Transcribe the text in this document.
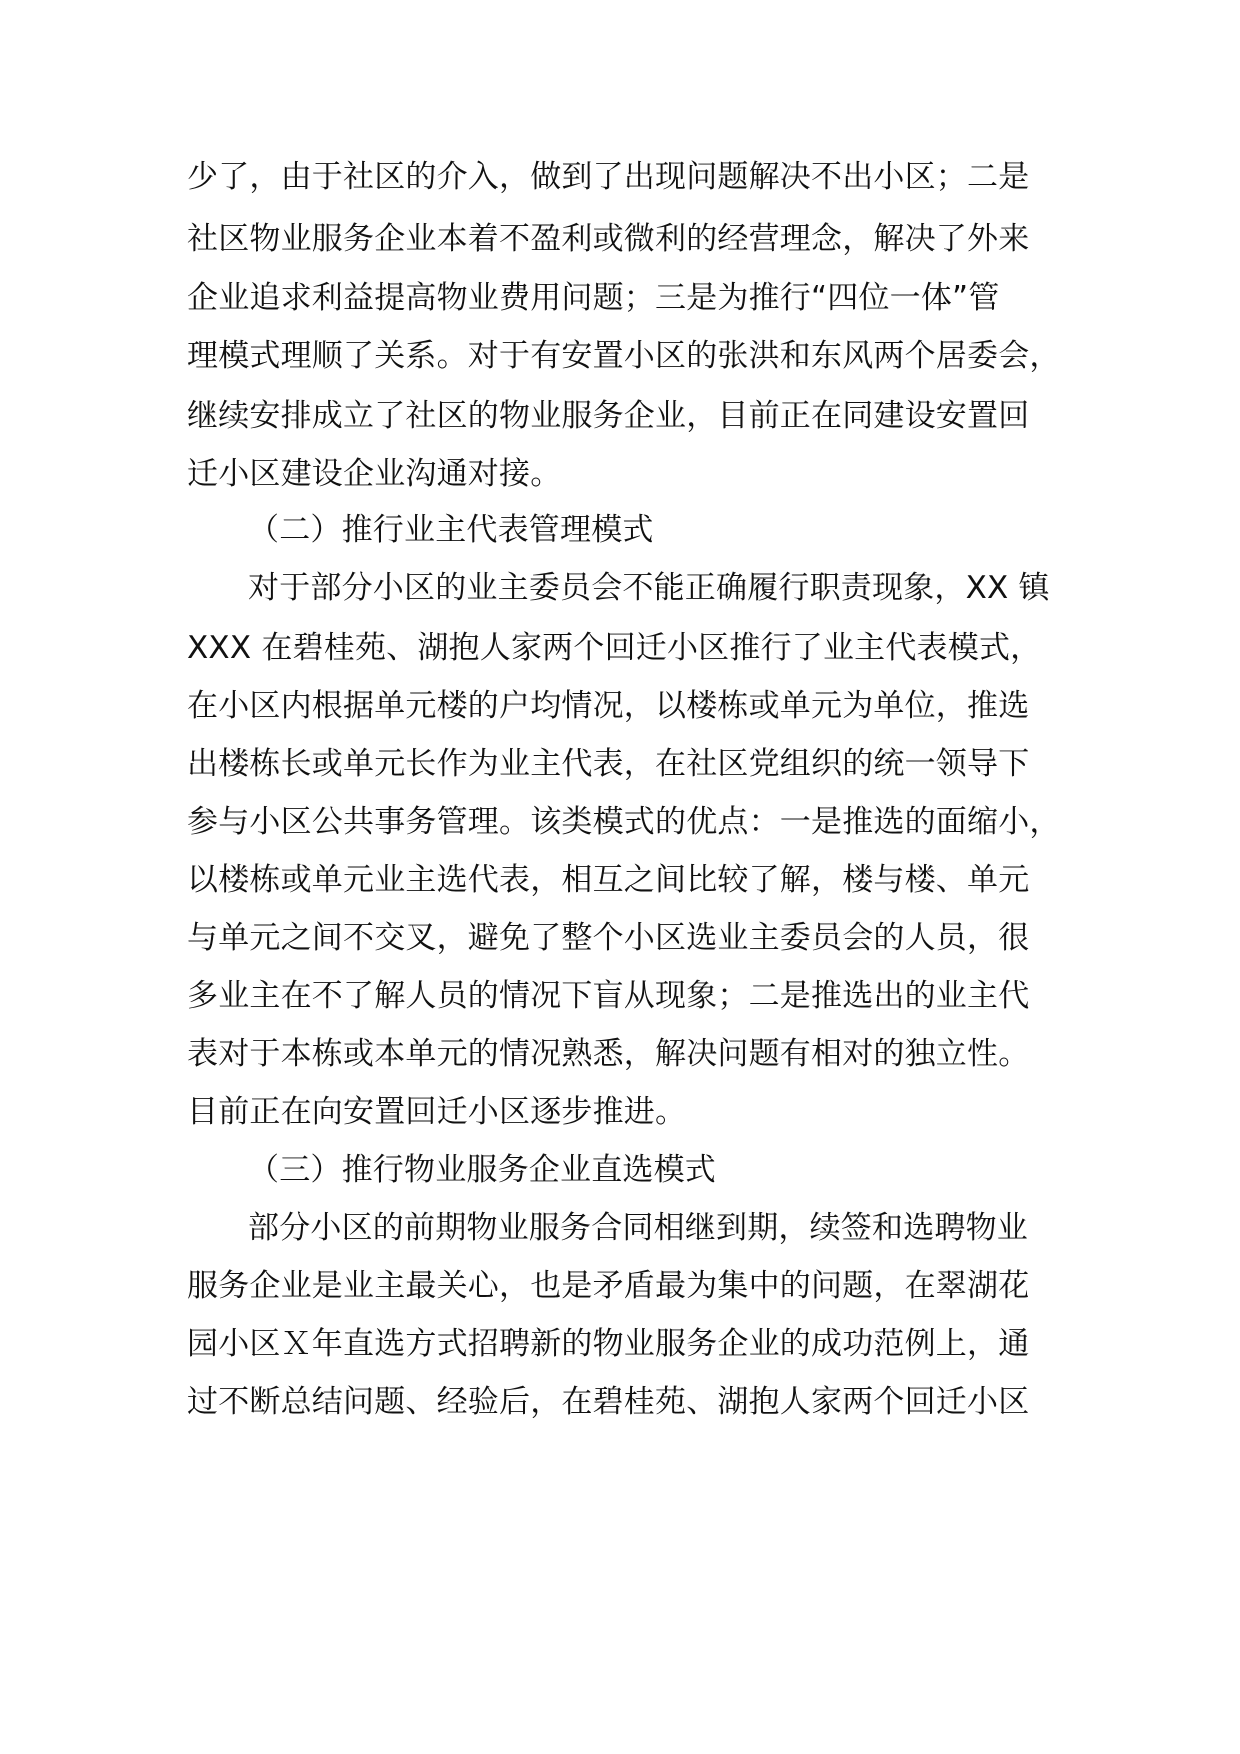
少了，由于社区的介入，做到了出现问题解决不出小区；二是
社区物业服务企业本着不盈利或微利的经营理念，解决了外来
企业追求利益提高物业费用问题；三是为推行“四位一体”管
理模式理顺了关系。对于有安置小区的张洪和东风两个居委会，
继续安排成立了社区的物业服务企业，目前正在同建设安置回
迁小区建设企业沟通对接。
（二）推行业主代表管理模式
对于部分小区的业主委员会不能正确履行职责现象，XX 镇
XXX 在碧桂苑、湖抱人家两个回迁小区推行了业主代表模式，
在小区内根据单元楼的户均情况，以楼栋或单元为单位，推选
出楼栋长或单元长作为业主代表，在社区党组织的统一领导下
参与小区公共事务管理。该类模式的优点：一是推选的面缩小，
以楼栋或单元业主选代表，相互之间比较了解，楼与楼、单元
与单元之间不交叉，避免了整个小区选业主委员会的人员，很
多业主在不了解人员的情况下盲从现象；二是推选出的业主代
表对于本栋或本单元的情况熟悉，解决问题有相对的独立性。
目前正在向安置回迁小区逐步推进。
（三）推行物业服务企业直选模式
部分小区的前期物业服务合同相继到期，续签和选聘物业
服务企业是业主最关心，也是矛盾最为集中的问题，在翠湖花
园小区Ｘ年直选方式招聘新的物业服务企业的成功范例上，通
过不断总结问题、经验后，在碧桂苑、湖抱人家两个回迁小区
